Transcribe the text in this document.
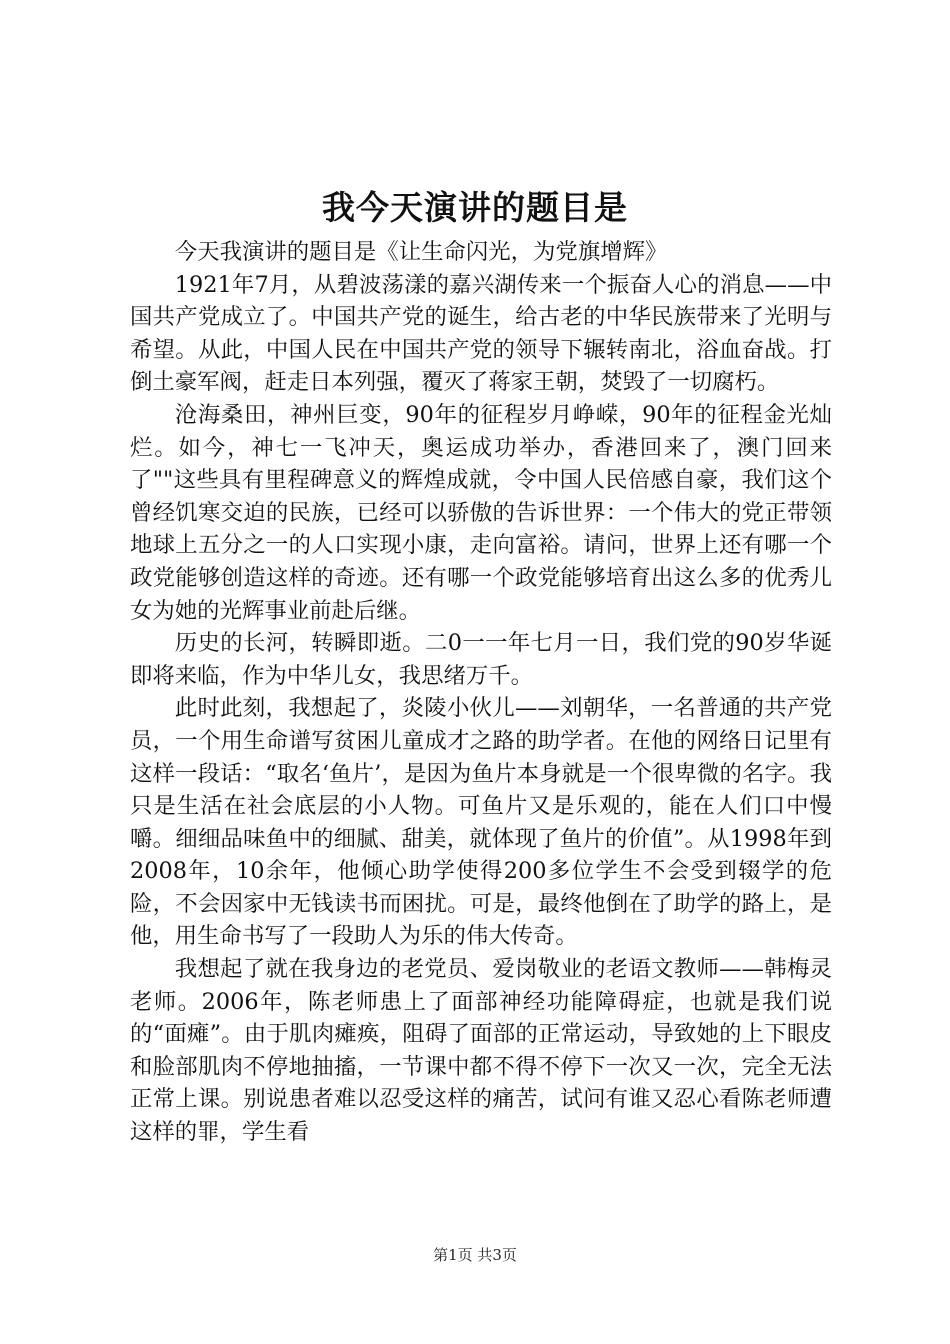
我今天演讲的题目是

今天我演讲的题目是《让生命闪光，为党旗增辉》

1921年7月，从碧波荡漾的嘉兴湖传来一个振奋人心的消息——中国共产党成立了。中国共产党的诞生，给古老的中华民族带来了光明与希望。从此，中国人民在中国共产党的领导下辗转南北，浴血奋战。打倒土豪军阀，赶走日本列强，覆灭了蒋家王朝，焚毁了一切腐朽。

沧海桑田，神州巨变，90年的征程岁月峥嵘，90年的征程金光灿烂。如今，神七一飞冲天，奥运成功举办，香港回来了，澳门回来了""这些具有里程碑意义的辉煌成就，令中国人民倍感自豪，我们这个曾经饥寒交迫的民族，已经可以骄傲的告诉世界：一个伟大的党正带领地球上五分之一的人口实现小康，走向富裕。请问，世界上还有哪一个政党能够创造这样的奇迹。还有哪一个政党能够培育出这么多的优秀儿女为她的光辉事业前赴后继。

历史的长河，转瞬即逝。二0一一年七月一日，我们党的90岁华诞即将来临，作为中华儿女，我思绪万千。

此时此刻，我想起了，炎陵小伙儿——刘朝华，一名普通的共产党员，一个用生命谱写贫困儿童成才之路的助学者。在他的网络日记里有这样一段话：“取名‘鱼片’，是因为鱼片本身就是一个很卑微的名字。我只是生活在社会底层的小人物。可鱼片又是乐观的，能在人们口中慢嚼。细细品味鱼中的细腻、甜美，就体现了鱼片的价值”。从1998年到2008年，10余年，他倾心助学使得200多位学生不会受到辍学的危险，不会因家中无钱读书而困扰。可是，最终他倒在了助学的路上，是他，用生命书写了一段助人为乐的伟大传奇。

我想起了就在我身边的老党员、爱岗敬业的老语文教师——韩梅灵老师。2006年，陈老师患上了面部神经功能障碍症，也就是我们说的“面瘫”。由于肌肉瘫痪，阻碍了面部的正常运动，导致她的上下眼皮和脸部肌肉不停地抽搐，一节课中都不得不停下一次又一次，完全无法正常上课。别说患者难以忍受这样的痛苦，试问有谁又忍心看陈老师遭这样的罪，学生看

第1页 共3页
